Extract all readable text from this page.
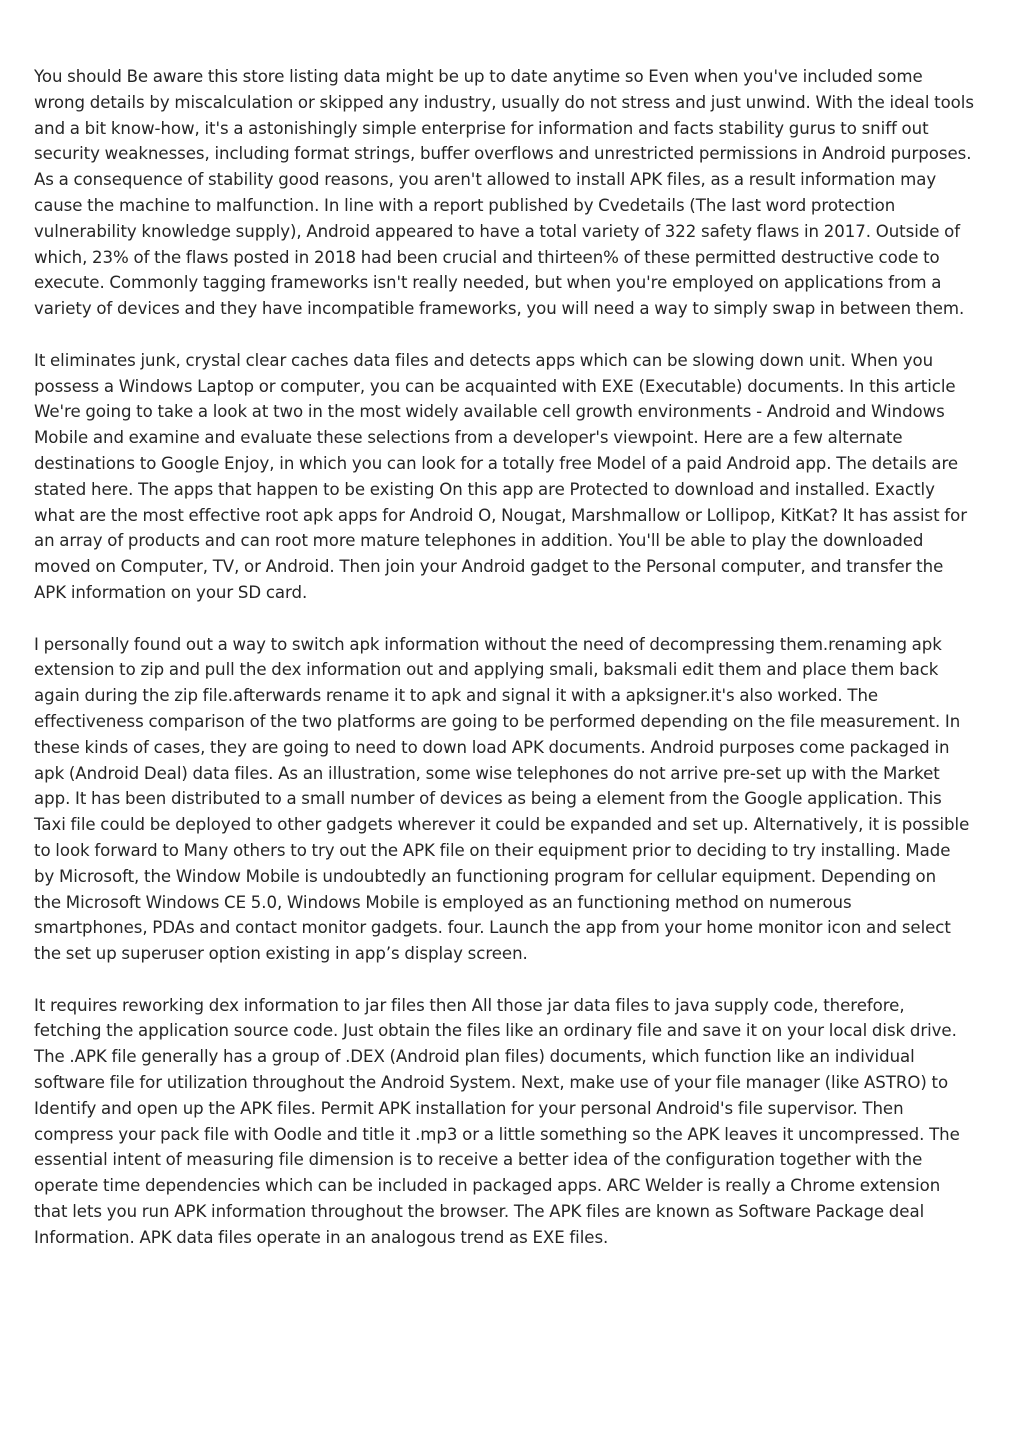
You should Be aware this store listing data might be up to date anytime so Even when you've included some
wrong details by miscalculation or skipped any industry, usually do not stress and just unwind. With the ideal tools
and a bit know-how, it's a astonishingly simple enterprise for information and facts stability gurus to sniff out
security weaknesses, including format strings, buffer overflows and unrestricted permissions in Android purposes.
As a consequence of stability good reasons, you aren't allowed to install APK files, as a result information may
cause the machine to malfunction. In line with a report published by Cvedetails (The last word protection
vulnerability knowledge supply), Android appeared to have a total variety of 322 safety flaws in 2017. Outside of
which, 23% of the flaws posted in 2018 had been crucial and thirteen% of these permitted destructive code to
execute. Commonly tagging frameworks isn't really needed, but when you're employed on applications from a
variety of devices and they have incompatible frameworks, you will need a way to simply swap in between them.

It eliminates junk, crystal clear caches data files and detects apps which can be slowing down unit. When you
possess a Windows Laptop or computer, you can be acquainted with EXE (Executable) documents. In this article
We're going to take a look at two in the most widely available cell growth environments - Android and Windows
Mobile and examine and evaluate these selections from a developer's viewpoint. Here are a few alternate
destinations to Google Enjoy, in which you can look for a totally free Model of a paid Android app. The details are
stated here. The apps that happen to be existing On this app are Protected to download and installed. Exactly
what are the most effective root apk apps for Android O, Nougat, Marshmallow or Lollipop, KitKat? It has assist for
an array of products and can root more mature telephones in addition. You'll be able to play the downloaded
moved on Computer, TV, or Android. Then join your Android gadget to the Personal computer, and transfer the
APK information on your SD card.

I personally found out a way to switch apk information without the need of decompressing them.renaming apk
extension to zip and pull the dex information out and applying smali, baksmali edit them and place them back
again during the zip file.afterwards rename it to apk and signal it with a apksigner.it's also worked. The
effectiveness comparison of the two platforms are going to be performed depending on the file measurement. In
these kinds of cases, they are going to need to down load APK documents. Android purposes come packaged in
apk (Android Deal) data files. As an illustration, some wise telephones do not arrive pre-set up with the Market
app. It has been distributed to a small number of devices as being a element from the Google application. This
Taxi file could be deployed to other gadgets wherever it could be expanded and set up. Alternatively, it is possible
to look forward to Many others to try out the APK file on their equipment prior to deciding to try installing. Made
by Microsoft, the Window Mobile is undoubtedly an functioning program for cellular equipment. Depending on
the Microsoft Windows CE 5.0, Windows Mobile is employed as an functioning method on numerous
smartphones, PDAs and contact monitor gadgets. four. Launch the app from your home monitor icon and select
the set up superuser option existing in app’s display screen.

It requires reworking dex information to jar files then All those jar data files to java supply code, therefore,
fetching the application source code. Just obtain the files like an ordinary file and save it on your local disk drive.
The .APK file generally has a group of .DEX (Android plan files) documents, which function like an individual
software file for utilization throughout the Android System. Next, make use of your file manager (like ASTRO) to
Identify and open up the APK files. Permit APK installation for your personal Android's file supervisor. Then
compress your pack file with Oodle and title it .mp3 or a little something so the APK leaves it uncompressed. The
essential intent of measuring file dimension is to receive a better idea of the configuration together with the
operate time dependencies which can be included in packaged apps. ARC Welder is really a Chrome extension
that lets you run APK information throughout the browser. The APK files are known as Software Package deal
Information. APK data files operate in an analogous trend as EXE files.
